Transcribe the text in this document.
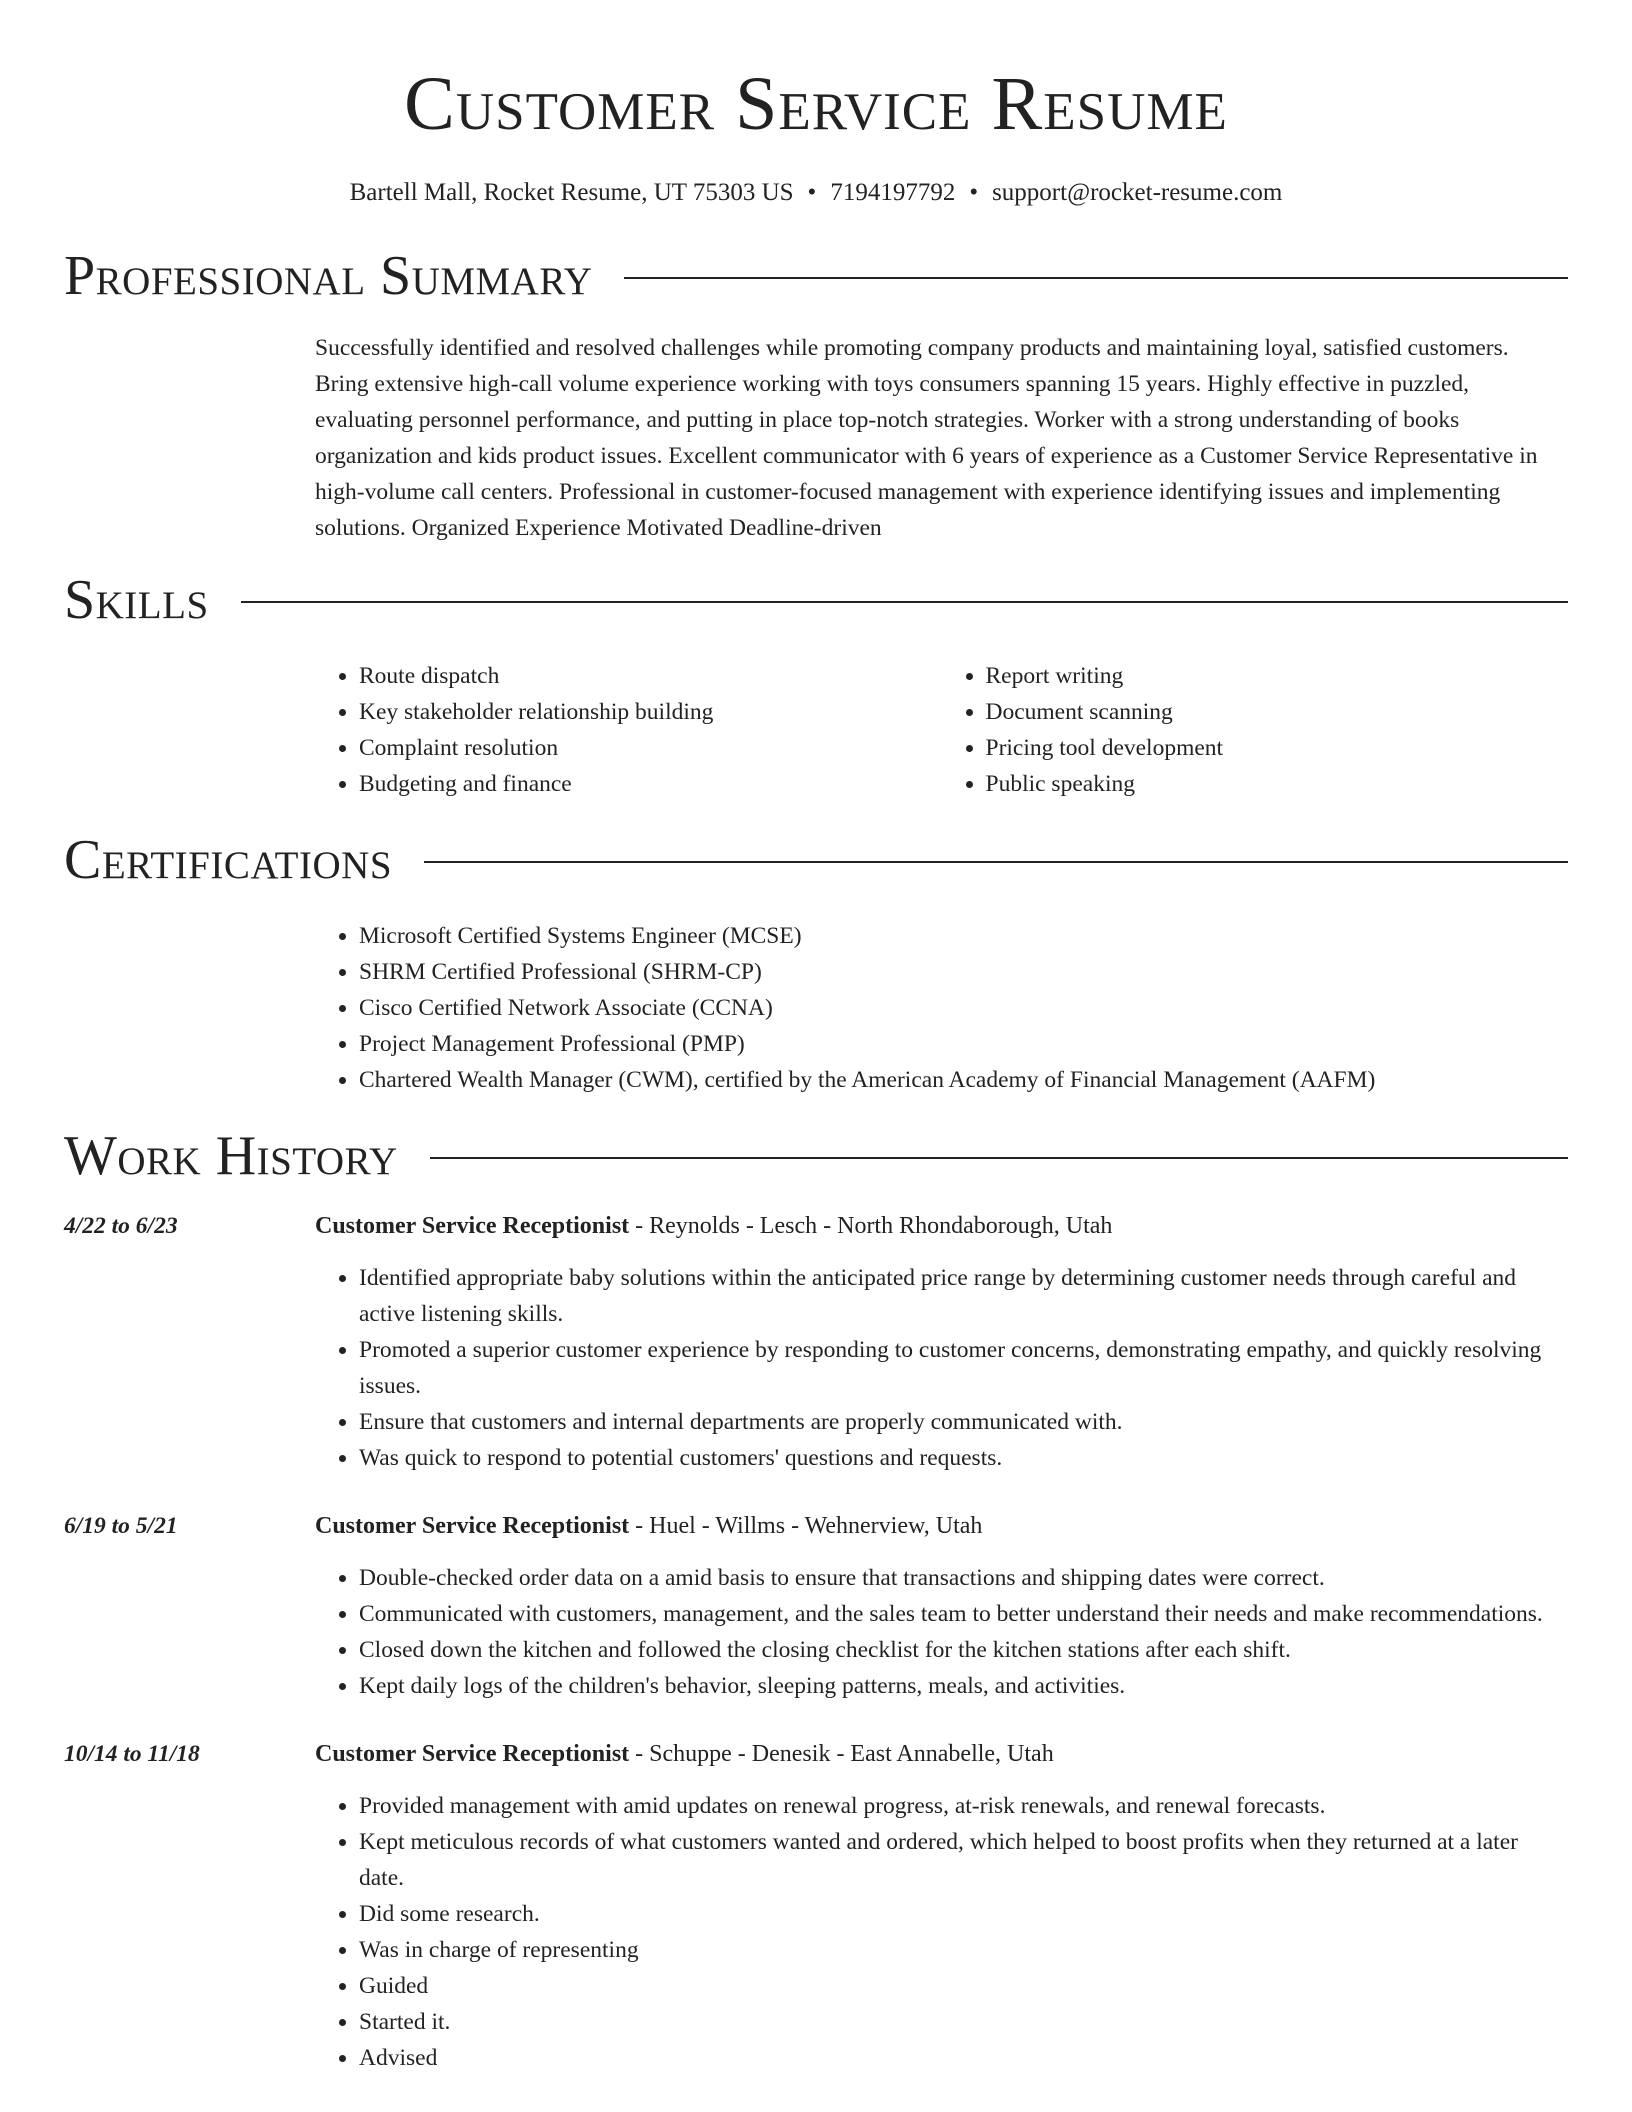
Customer Service Resume
Bartell Mall, Rocket Resume, UT 75303 US • 7194197792 • support@rocket-resume.com
Professional Summary

Successfully identified and resolved challenges while promoting company products and maintaining loyal, satisfied customers. Bring extensive high-call volume experience working with toys consumers spanning 15 years. Highly effective in puzzled, evaluating personnel performance, and putting in place top-notch strategies. Worker with a strong understanding of books organization and kids product issues. Excellent communicator with 6 years of experience as a Customer Service Representative in high-volume call centers. Professional in customer-focused management with experience identifying issues and implementing solutions. Organized Experience Motivated Deadline-driven

Skills
• Route dispatch
• Key stakeholder relationship building
• Complaint resolution
• Budgeting and finance
• Report writing
• Document scanning
• Pricing tool development
• Public speaking
Certifications
• Microsoft Certified Systems Engineer (MCSE)
• SHRM Certified Professional (SHRM-CP)
• Cisco Certified Network Associate (CCNA)
• Project Management Professional (PMP)
• Chartered Wealth Manager (CWM), certified by the American Academy of Financial Management (AAFM)
Work History
4/22 to 6/23	Customer Service Receptionist - Reynolds - Lesch - North Rhondaborough, Utah
• Identified appropriate baby solutions within the anticipated price range by determining customer needs through careful and active listening skills.
• Promoted a superior customer experience by responding to customer concerns, demonstrating empathy, and quickly resolving issues.
• Ensure that customers and internal departments are properly communicated with.
• Was quick to respond to potential customers' questions and requests.
6/19 to 5/21	Customer Service Receptionist - Huel - Willms - Wehnerview, Utah
• Double-checked order data on a amid basis to ensure that transactions and shipping dates were correct.
• Communicated with customers, management, and the sales team to better understand their needs and make recommendations.
• Closed down the kitchen and followed the closing checklist for the kitchen stations after each shift.
• Kept daily logs of the children's behavior, sleeping patterns, meals, and activities.
10/14 to 11/18	Customer Service Receptionist - Schuppe - Denesik - East Annabelle, Utah
• Provided management with amid updates on renewal progress, at-risk renewals, and renewal forecasts.
• Kept meticulous records of what customers wanted and ordered, which helped to boost profits when they returned at a later date.
• Did some research.
• Was in charge of representing
• Guided
• Started it.
• Advised
